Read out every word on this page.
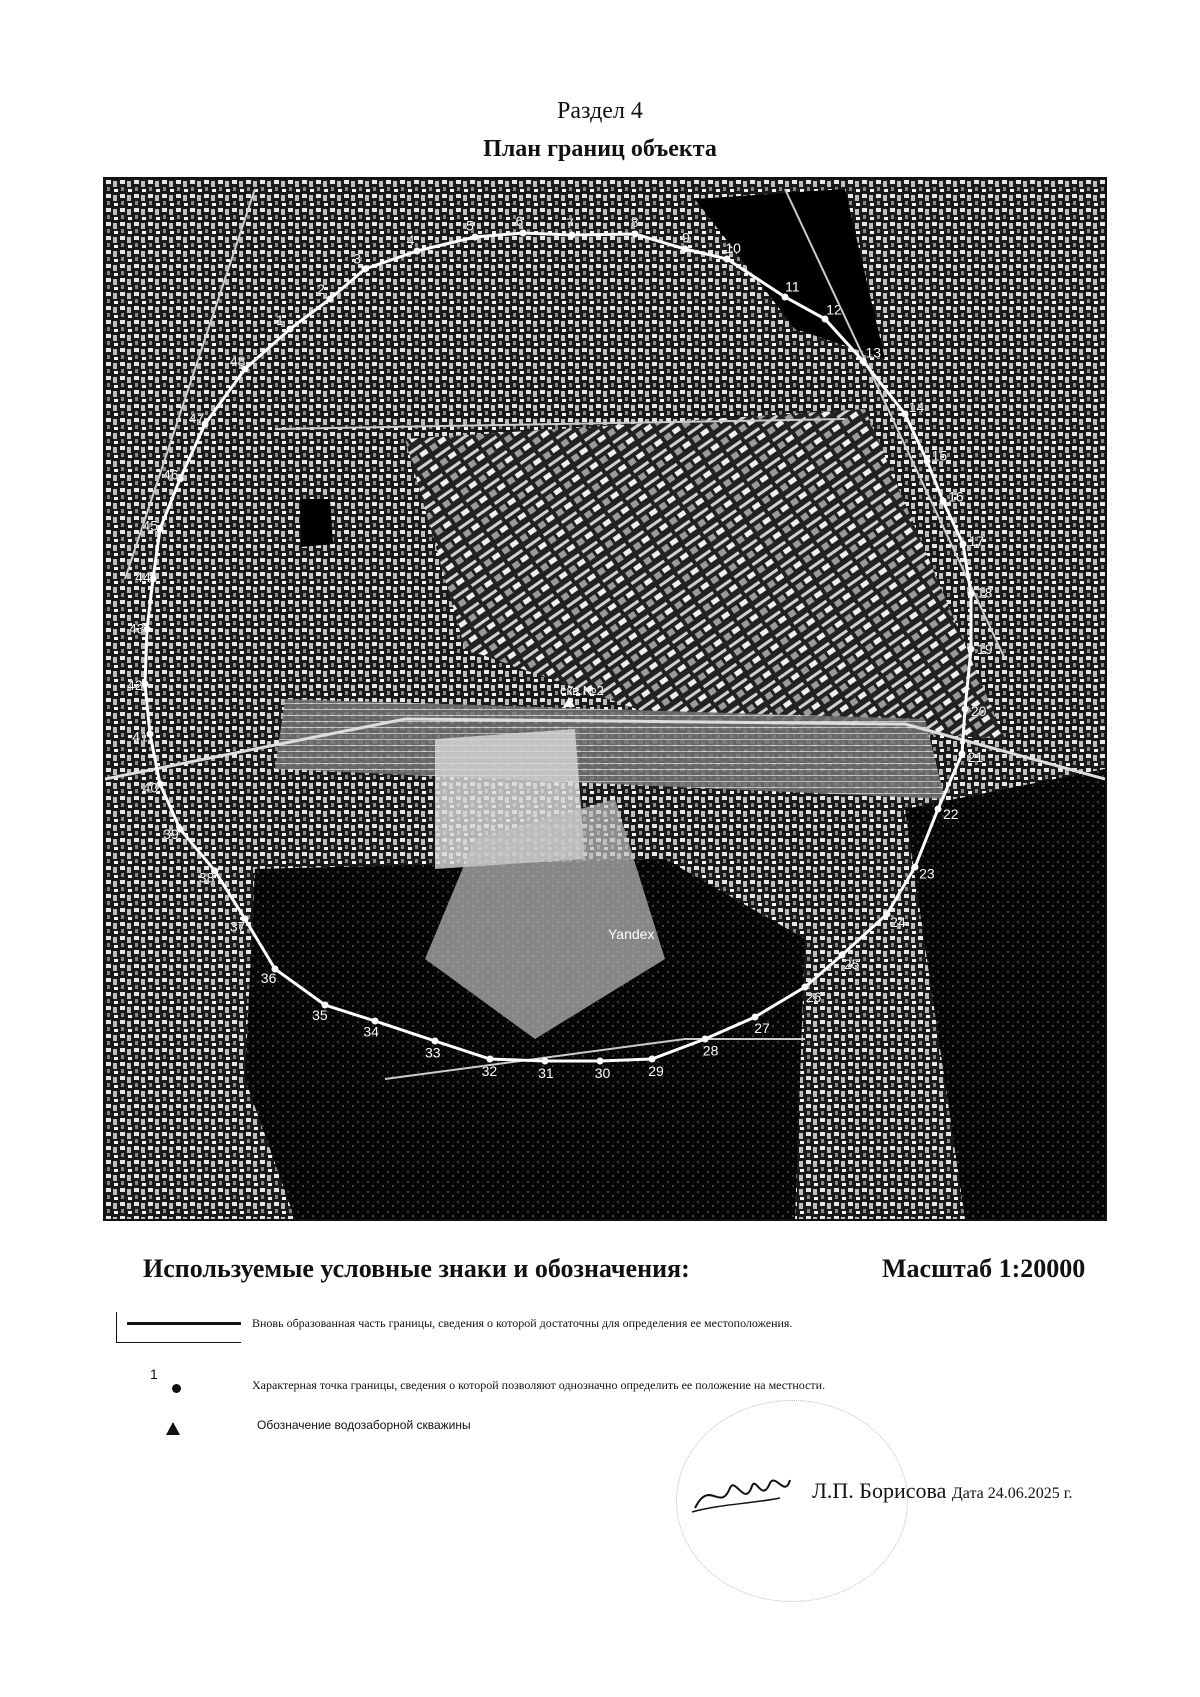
Раздел 4
План границ объекта
1
2
3
4
5	6	7	8
9
10
11
12
13
14
15
16
17
18
19
20
21
22
23
24
25
26
27
28
29
30
31
32
33
34
35
36
37
38
39
40
41
42
43
44
45
46
47
48
скв.№2
Yandex
Используемые условные знаки и обозначения:	Масштаб 1:20000
Вновь образованная часть границы, сведения о которой достаточны для определения ее местоположения.
1
Характерная точка границы, сведения о которой позволяют однозначно определить ее положение на местности.
Обозначение водозаборной скважины
Л.П. Борисова Дата 24.06.2025 г.
